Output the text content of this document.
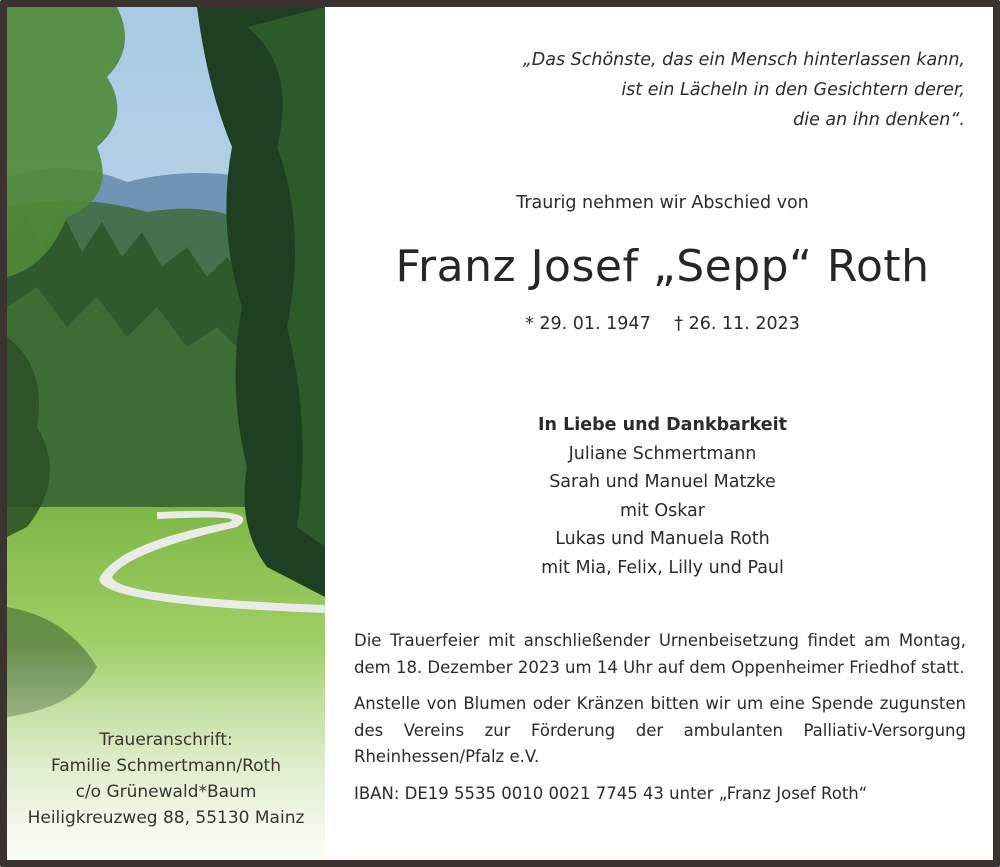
Traueranschrift:
Familie Schmertmann/Roth
c/o Grünewald*Baum
Heiligkreuzweg 88, 55130 Mainz
„Das Schönste, das ein Mensch hinterlassen kann,
ist ein Lächeln in den Gesichtern derer,
die an ihn denken“.
Traurig nehmen wir Abschied von
Franz Josef „Sepp“ Roth
* 29. 01. 1947 † 26. 11. 2023
In Liebe und Dankbarkeit
Juliane Schmertmann
Sarah und Manuel Matzke
mit Oskar
Lukas und Manuela Roth
mit Mia, Felix, Lilly und Paul

Die Trauerfeier mit anschließender Urnenbeisetzung findet am Montag, dem 18. Dezember 2023 um 14 Uhr auf dem Oppenheimer Friedhof statt.

Anstelle von Blumen oder Kränzen bitten wir um eine Spende zugunsten des Vereins zur Förderung der ambulanten Palliativ-Versorgung Rheinhessen/Pfalz e.V.

IBAN: DE19 5535 0010 0021 7745 43 unter „Franz Josef Roth“
